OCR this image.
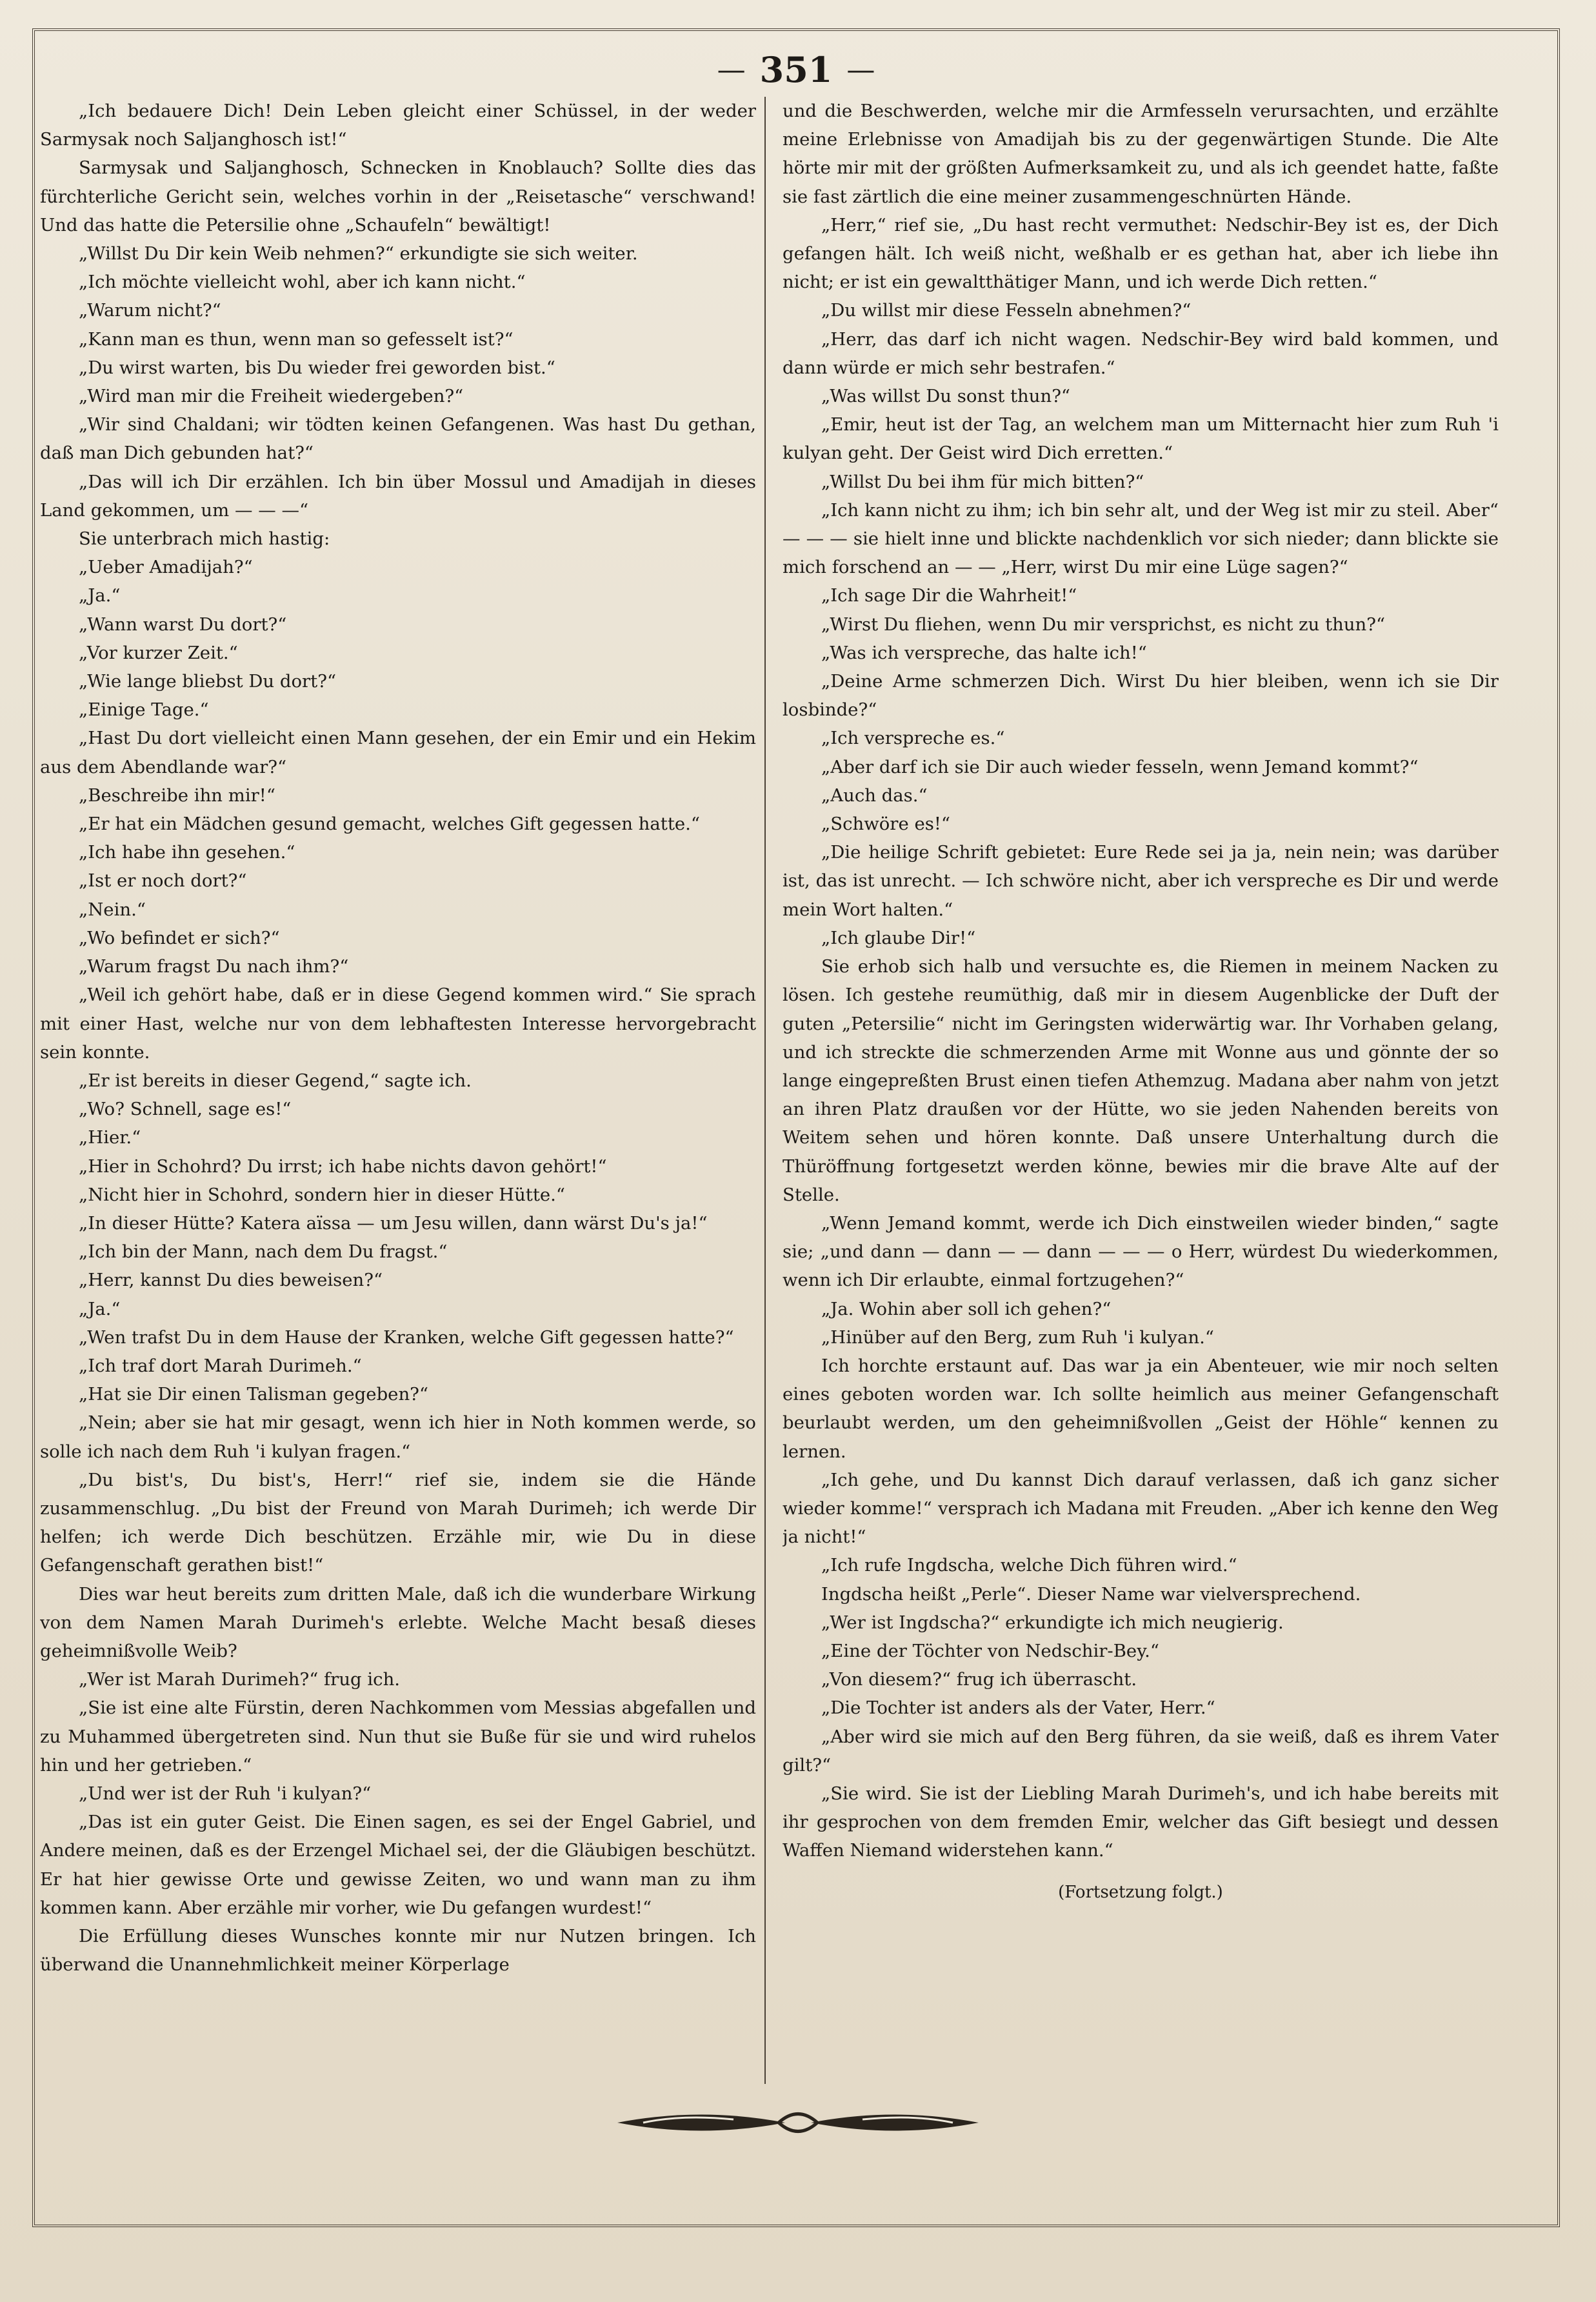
— 351 —

„Ich bedauere Dich! Dein Leben gleicht einer Schüssel, in der weder Sarmysak noch Saljanghosch ist!“

Sarmysak und Saljanghosch, Schnecken in Knoblauch? Sollte dies das fürchterliche Gericht sein, welches vorhin in der „Reisetasche“ verschwand! Und das hatte die Petersilie ohne „Schaufeln“ bewältigt!

„Willst Du Dir kein Weib nehmen?“ erkundigte sie sich weiter.

„Ich möchte vielleicht wohl, aber ich kann nicht.“

„Warum nicht?“

„Kann man es thun, wenn man so gefesselt ist?“

„Du wirst warten, bis Du wieder frei geworden bist.“

„Wird man mir die Freiheit wiedergeben?“

„Wir sind Chaldani; wir tödten keinen Gefangenen. Was hast Du gethan, daß man Dich gebunden hat?“

„Das will ich Dir erzählen. Ich bin über Mossul und Amadijah in dieses Land gekommen, um — — —“

Sie unterbrach mich hastig:

„Ueber Amadijah?“

„Ja.“

„Wann warst Du dort?“

„Vor kurzer Zeit.“

„Wie lange bliebst Du dort?“

„Einige Tage.“

„Hast Du dort vielleicht einen Mann gesehen, der ein Emir und ein Hekim aus dem Abendlande war?“

„Beschreibe ihn mir!“

„Er hat ein Mädchen gesund gemacht, welches Gift gegessen hatte.“

„Ich habe ihn gesehen.“

„Ist er noch dort?“

„Nein.“

„Wo befindet er sich?“

„Warum fragst Du nach ihm?“

„Weil ich gehört habe, daß er in diese Gegend kommen wird.“ Sie sprach mit einer Hast, welche nur von dem lebhaftesten Interesse hervorgebracht sein konnte.

„Er ist bereits in dieser Gegend,“ sagte ich.

„Wo? Schnell, sage es!“

„Hier.“

„Hier in Schohrd? Du irrst; ich habe nichts davon gehört!“

„Nicht hier in Schohrd, sondern hier in dieser Hütte.“

„In dieser Hütte? Katera aïssa — um Jesu willen, dann wärst Du's ja!“

„Ich bin der Mann, nach dem Du fragst.“

„Herr, kannst Du dies beweisen?“

„Ja.“

„Wen trafst Du in dem Hause der Kranken, welche Gift gegessen hatte?“

„Ich traf dort Marah Durimeh.“

„Hat sie Dir einen Talisman gegeben?“

„Nein; aber sie hat mir gesagt, wenn ich hier in Noth kommen werde, so solle ich nach dem Ruh 'i kulyan fragen.“

„Du bist's, Du bist's, Herr!“ rief sie, indem sie die Hände zusammenschlug. „Du bist der Freund von Marah Durimeh; ich werde Dir helfen; ich werde Dich beschützen. Erzähle mir, wie Du in diese Gefangenschaft gerathen bist!“

Dies war heut bereits zum dritten Male, daß ich die wunderbare Wirkung von dem Namen Marah Durimeh's erlebte. Welche Macht besaß dieses geheimnißvolle Weib?

„Wer ist Marah Durimeh?“ frug ich.

„Sie ist eine alte Fürstin, deren Nachkommen vom Messias abgefallen und zu Muhammed übergetreten sind. Nun thut sie Buße für sie und wird ruhelos hin und her getrieben.“

„Und wer ist der Ruh 'i kulyan?“

„Das ist ein guter Geist. Die Einen sagen, es sei der Engel Gabriel, und Andere meinen, daß es der Erzengel Michael sei, der die Gläubigen beschützt. Er hat hier gewisse Orte und gewisse Zeiten, wo und wann man zu ihm kommen kann. Aber erzähle mir vorher, wie Du gefangen wurdest!“

Die Erfüllung dieses Wunsches konnte mir nur Nutzen bringen. Ich überwand die Unannehmlichkeit meiner Körperlage

und die Beschwerden, welche mir die Armfesseln verursachten, und erzählte meine Erlebnisse von Amadijah bis zu der gegenwärtigen Stunde. Die Alte hörte mir mit der größten Aufmerksamkeit zu, und als ich geendet hatte, faßte sie fast zärtlich die eine meiner zusammengeschnürten Hände.

„Herr,“ rief sie, „Du hast recht vermuthet: Nedschir-Bey ist es, der Dich gefangen hält. Ich weiß nicht, weßhalb er es gethan hat, aber ich liebe ihn nicht; er ist ein gewaltthätiger Mann, und ich werde Dich retten.“

„Du willst mir diese Fesseln abnehmen?“

„Herr, das darf ich nicht wagen. Nedschir-Bey wird bald kommen, und dann würde er mich sehr bestrafen.“

„Was willst Du sonst thun?“

„Emir, heut ist der Tag, an welchem man um Mitternacht hier zum Ruh 'i kulyan geht. Der Geist wird Dich erretten.“

„Willst Du bei ihm für mich bitten?“

„Ich kann nicht zu ihm; ich bin sehr alt, und der Weg ist mir zu steil. Aber“ — — — sie hielt inne und blickte nachdenklich vor sich nieder; dann blickte sie mich forschend an — — „Herr, wirst Du mir eine Lüge sagen?“

„Ich sage Dir die Wahrheit!“

„Wirst Du fliehen, wenn Du mir versprichst, es nicht zu thun?“

„Was ich verspreche, das halte ich!“

„Deine Arme schmerzen Dich. Wirst Du hier bleiben, wenn ich sie Dir losbinde?“

„Ich verspreche es.“

„Aber darf ich sie Dir auch wieder fesseln, wenn Jemand kommt?“

„Auch das.“

„Schwöre es!“

„Die heilige Schrift gebietet: Eure Rede sei ja ja, nein nein; was darüber ist, das ist unrecht. — Ich schwöre nicht, aber ich verspreche es Dir und werde mein Wort halten.“

„Ich glaube Dir!“

Sie erhob sich halb und versuchte es, die Riemen in meinem Nacken zu lösen. Ich gestehe reumüthig, daß mir in diesem Augenblicke der Duft der guten „Petersilie“ nicht im Geringsten widerwärtig war. Ihr Vorhaben gelang, und ich streckte die schmerzenden Arme mit Wonne aus und gönnte der so lange eingepreßten Brust einen tiefen Athemzug. Madana aber nahm von jetzt an ihren Platz draußen vor der Hütte, wo sie jeden Nahenden bereits von Weitem sehen und hören konnte. Daß unsere Unterhaltung durch die Thüröffnung fortgesetzt werden könne, bewies mir die brave Alte auf der Stelle.

„Wenn Jemand kommt, werde ich Dich einstweilen wieder binden,“ sagte sie; „und dann — dann — — dann — — — o Herr, würdest Du wiederkommen, wenn ich Dir erlaubte, einmal fortzugehen?“

„Ja. Wohin aber soll ich gehen?“

„Hinüber auf den Berg, zum Ruh 'i kulyan.“

Ich horchte erstaunt auf. Das war ja ein Abenteuer, wie mir noch selten eines geboten worden war. Ich sollte heimlich aus meiner Gefangenschaft beurlaubt werden, um den geheimnißvollen „Geist der Höhle“ kennen zu lernen.

„Ich gehe, und Du kannst Dich darauf verlassen, daß ich ganz sicher wieder komme!“ versprach ich Madana mit Freuden. „Aber ich kenne den Weg ja nicht!“

„Ich rufe Ingdscha, welche Dich führen wird.“

Ingdscha heißt „Perle“. Dieser Name war vielversprechend.

„Wer ist Ingdscha?“ erkundigte ich mich neugierig.

„Eine der Töchter von Nedschir-Bey.“

„Von diesem?“ frug ich überrascht.

„Die Tochter ist anders als der Vater, Herr.“

„Aber wird sie mich auf den Berg führen, da sie weiß, daß es ihrem Vater gilt?“

„Sie wird. Sie ist der Liebling Marah Durimeh's, und ich habe bereits mit ihr gesprochen von dem fremden Emir, welcher das Gift besiegt und dessen Waffen Niemand widerstehen kann.“

(Fortsetzung folgt.)
